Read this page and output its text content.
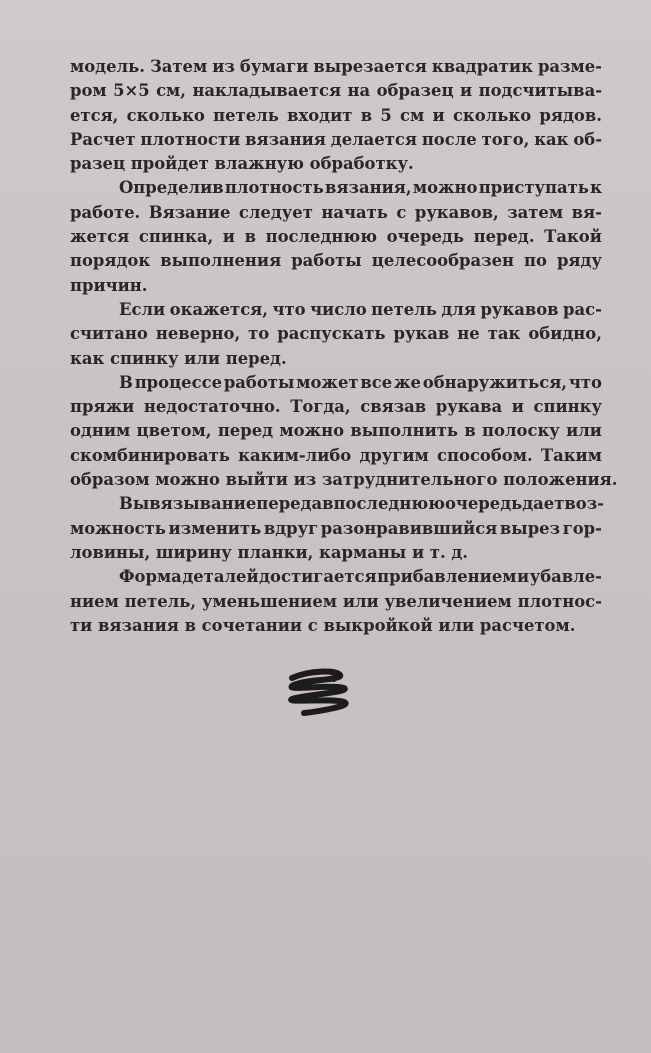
модель. Затем из бумаги вырезается квадратик разме-
ром 5×5 см, накладывается на образец и подсчитыва-
ется, сколько петель входит в 5 см и сколько рядов.
Расчет плотности вязания делается после того, как об-
разец пройдет влажную обработку.
Определив плотность вязания, можно приступать к
работе. Вязание следует начать с рукавов, затем вя-
жется спинка, и в последнюю очередь перед. Такой
порядок выполнения работы целесообразен по ряду
причин.
Если окажется, что число петель для рукавов рас-
считано неверно, то распускать рукав не так обидно,
как спинку или перед.
В процессе работы может все же обнаружиться, что
пряжи недостаточно. Тогда, связав рукава и спинку
одним цветом, перед можно выполнить в полоску или
скомбинировать каким-либо другим способом. Таким
образом можно выйти из затруднительного положения.
Вывязывание переда в последнюю очередь дает воз-
можность изменить вдруг разонравившийся вырез гор-
ловины, ширину планки, карманы и т. д.
Форма деталей достигается прибавлением и убавле-
нием петель, уменьшением или увеличением плотнос-
ти вязания в сочетании с выкройкой или расчетом.
